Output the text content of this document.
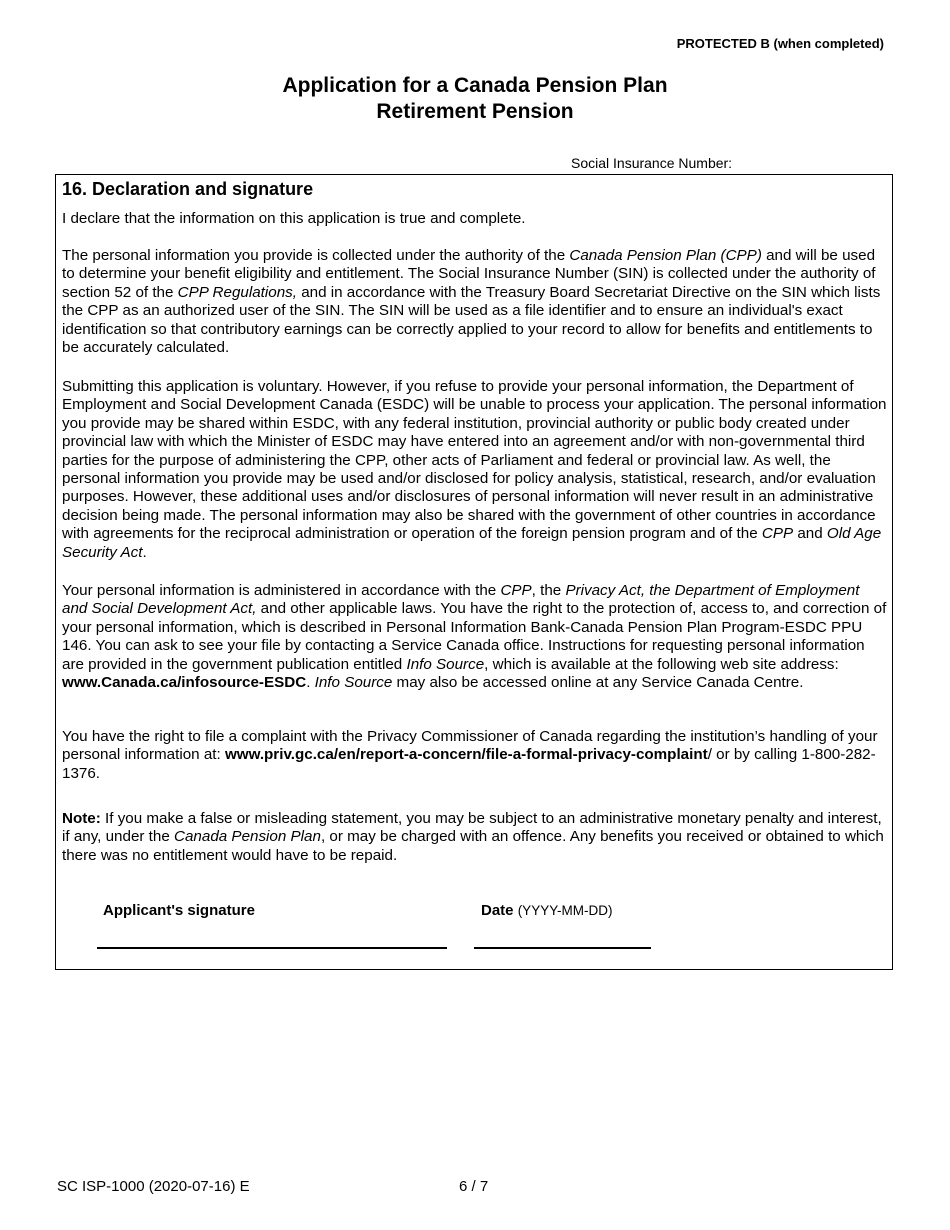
PROTECTED B (when completed)
Application for a Canada Pension Plan
Retirement Pension
Social Insurance Number:
16. Declaration and signature

I declare that the information on this application is true and complete.

The personal information you provide is collected under the authority of the Canada Pension Plan (CPP) and will be used to determine your benefit eligibility and entitlement. The Social Insurance Number (SIN) is collected under the authority of section 52 of the CPP Regulations, and in accordance with the Treasury Board Secretariat Directive on the SIN which lists the CPP as an authorized user of the SIN. The SIN will be used as a file identifier and to ensure an individual's exact identification so that contributory earnings can be correctly applied to your record to allow for benefits and entitlements to be accurately calculated.

Submitting this application is voluntary. However, if you refuse to provide your personal information, the Department of Employment and Social Development Canada (ESDC) will be unable to process your application. The personal information you provide may be shared within ESDC, with any federal institution, provincial authority or public body created under provincial law with which the Minister of ESDC may have entered into an agreement and/or with non-governmental third parties for the purpose of administering the CPP, other acts of Parliament and federal or provincial law. As well, the personal information you provide may be used and/or disclosed for policy analysis, statistical, research, and/or evaluation purposes. However, these additional uses and/or disclosures of personal information will never result in an administrative decision being made. The personal information may also be shared with the government of other countries in accordance with agreements for the reciprocal administration or operation of the foreign pension program and of the CPP and Old Age Security Act.

Your personal information is administered in accordance with the CPP, the Privacy Act, the Department of Employment and Social Development Act, and other applicable laws. You have the right to the protection of, access to, and correction of your personal information, which is described in Personal Information Bank-Canada Pension Plan Program-ESDC PPU 146. You can ask to see your file by contacting a Service Canada office. Instructions for requesting personal information are provided in the government publication entitled Info Source, which is available at the following web site address: www.Canada.ca/infosource-ESDC. Info Source may also be accessed online at any Service Canada Centre.

You have the right to file a complaint with the Privacy Commissioner of Canada regarding the institution’s handling of your personal information at: www.priv.gc.ca/en/report-a-concern/file-a-formal-privacy-complaint/ or by calling 1-800-282-1376.

Note: If you make a false or misleading statement, you may be subject to an administrative monetary penalty and interest, if any, under the Canada Pension Plan, or may be charged with an offence. Any benefits you received or obtained to which there was no entitlement would have to be repaid.

Applicant's signature	Date (YYYY-MM-DD)
SC ISP-1000 (2020-07-16) E	6 / 7
